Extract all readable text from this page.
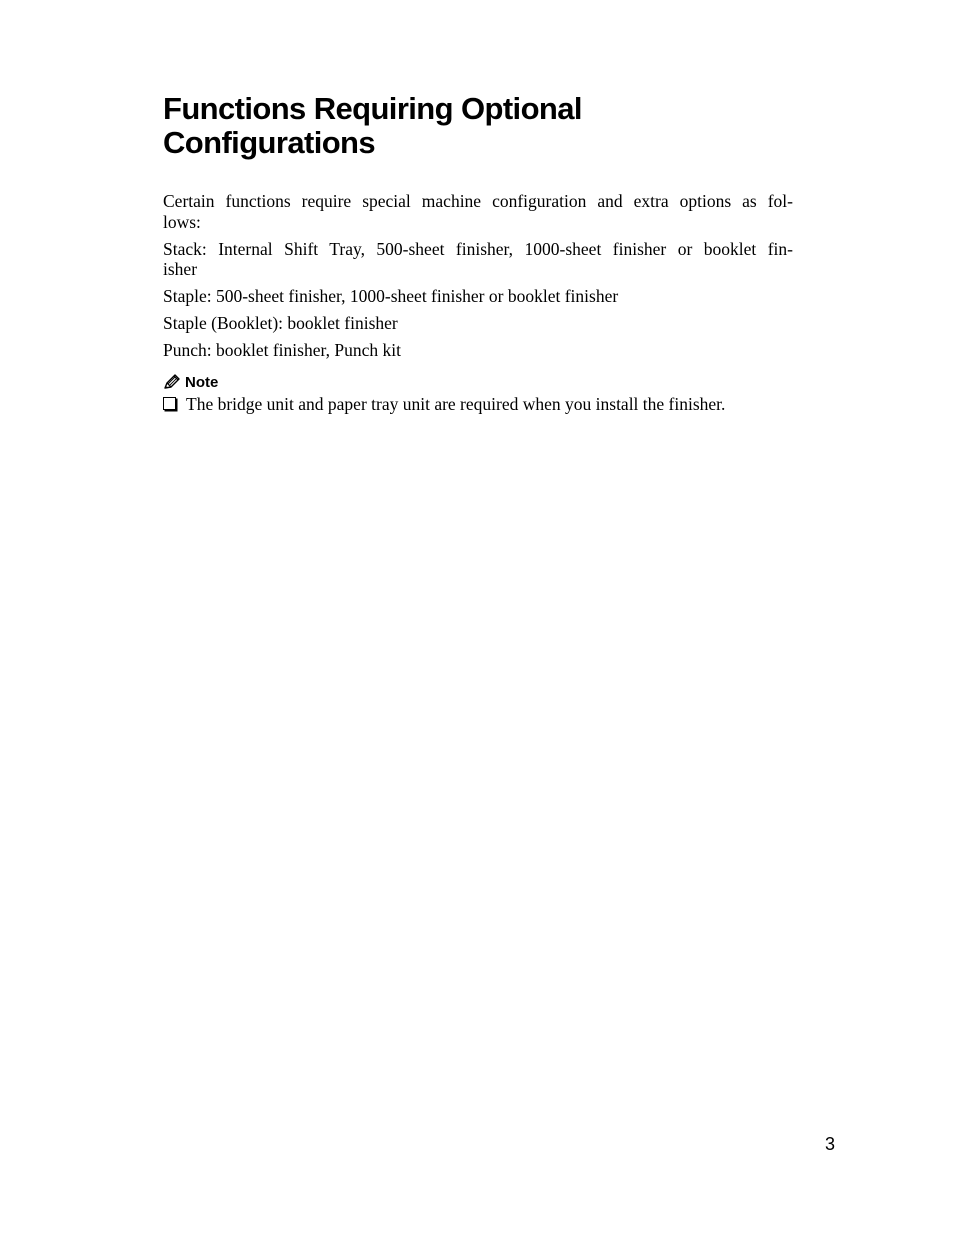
Functions Requiring Optional
Configurations

Certain functions require special machine configuration and extra options as fol-
lows:

Stack: Internal Shift Tray, 500-sheet finisher, 1000-sheet finisher or booklet fin-
isher

Staple: 500-sheet finisher, 1000-sheet finisher or booklet finisher

Staple (Booklet): booklet finisher

Punch: booklet finisher, Punch kit

Note
The bridge unit and paper tray unit are required when you install the finisher.
3
